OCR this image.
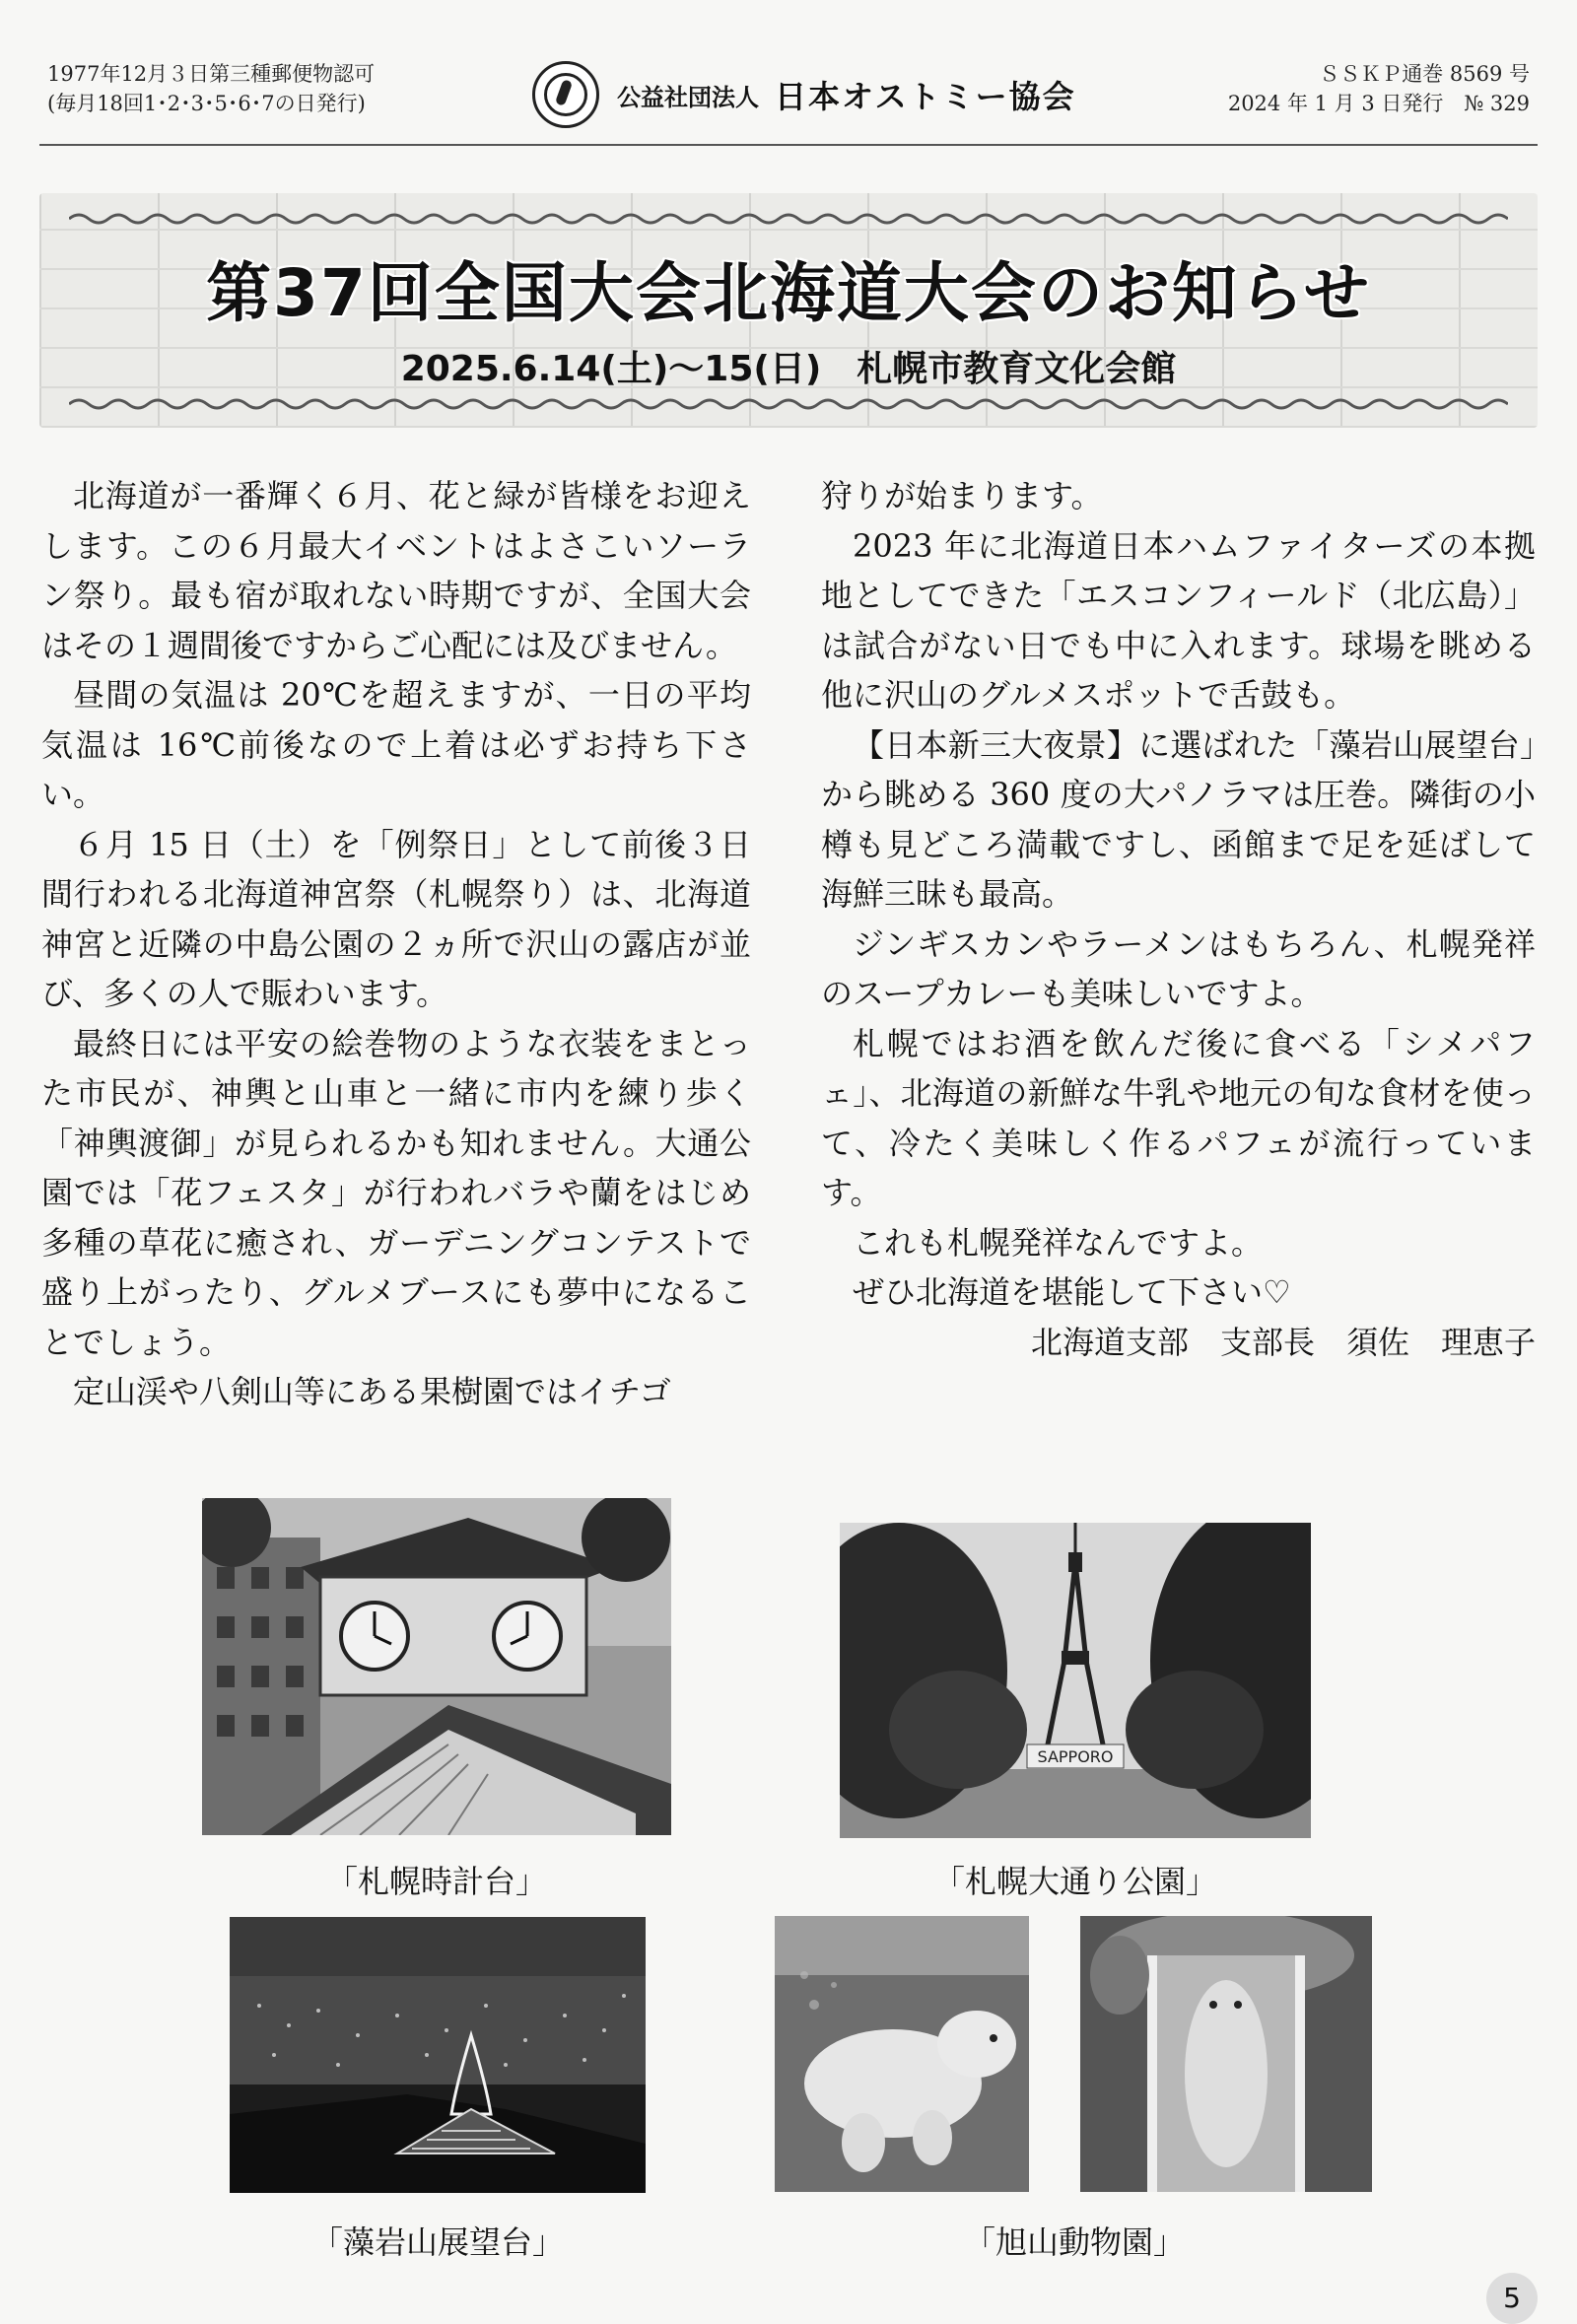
1977年12月３日第三種郵便物認可
(毎月18回1･2･3･5･6･7の日発行)	公益社団法人 日本オストミー協会
ＳＳＫＰ通巻 8569 号
2024 年 1 月 3 日発行　№ 329
第37回全国大会北海道大会のお知らせ
2025.6.14(土)～15(日)　札幌市教育文化会館

北海道が一番輝く６月、花と緑が皆様をお迎えします。この６月最大イベントはよさこいソーラン祭り。最も宿が取れない時期ですが、全国大会はその１週間後ですからご心配には及びません。

昼間の気温は 20℃を超えますが、一日の平均気温は 16℃前後なので上着は必ずお持ち下さい。

６月 15 日（土）を「例祭日」として前後３日間行われる北海道神宮祭（札幌祭り）は、北海道神宮と近隣の中島公園の２ヵ所で沢山の露店が並び、多くの人で賑わいます。

最終日には平安の絵巻物のような衣装をまとった市民が、神輿と山車と一緒に市内を練り歩く「神輿渡御」が見られるかも知れません。大通公園では「花フェスタ」が行われバラや蘭をはじめ多種の草花に癒され、ガーデニングコンテストで盛り上がったり、グルメブースにも夢中になることでしょう。

定山渓や八剣山等にある果樹園ではイチゴ

狩りが始まります。

2023 年に北海道日本ハムファイターズの本拠地としてできた「エスコンフィールド（北広島）」は試合がない日でも中に入れます。球場を眺める他に沢山のグルメスポットで舌鼓も。

【日本新三大夜景】に選ばれた「藻岩山展望台」から眺める 360 度の大パノラマは圧巻。隣街の小樽も見どころ満載ですし、函館まで足を延ばして海鮮三昧も最高。

ジンギスカンやラーメンはもちろん、札幌発祥のスープカレーも美味しいですよ。

札幌ではお酒を飲んだ後に食べる「シメパフェ」、北海道の新鮮な牛乳や地元の旬な食材を使って、冷たく美味しく作るパフェが流行っています。

これも札幌発祥なんですよ。

ぜひ北海道を堪能して下さい♡

北海道支部　支部長　須佐　理恵子

「札幌時計台」
SAPPORO
「札幌大通り公園」
「藻岩山展望台」	「旭山動物園」
5
